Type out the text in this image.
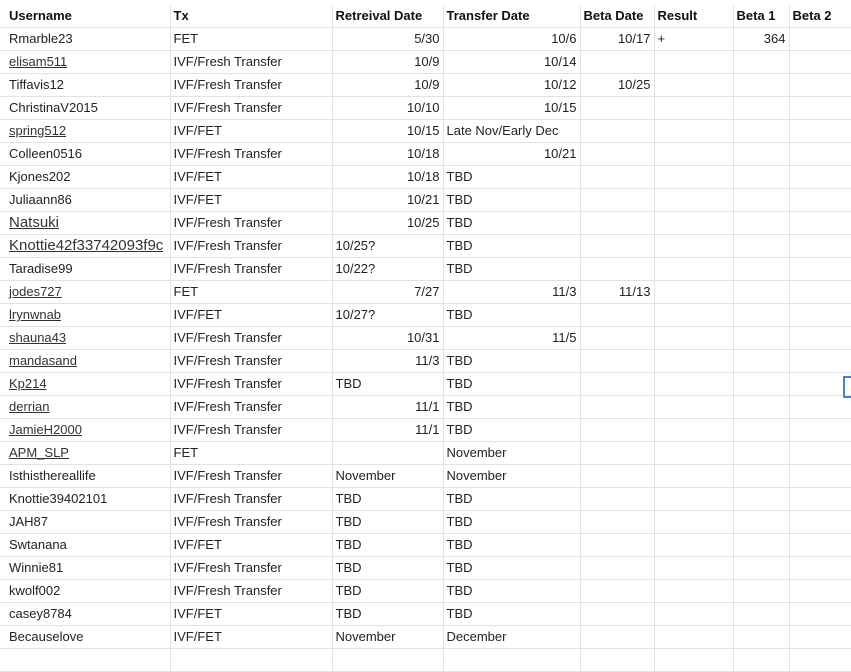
Username	Tx	Retreival Date	Transfer Date	Beta Date	Result	Beta 1	Beta 2
Rmarble23	FET	5/30	10/6	10/17	+	364	
elisam511	IVF/Fresh Transfer	10/9	10/14				
Tiffavis12	IVF/Fresh Transfer	10/9	10/12	10/25			
ChristinaV2015	IVF/Fresh Transfer	10/10	10/15				
spring512	IVF/FET	10/15	Late Nov/Early Dec				
Colleen0516	IVF/Fresh Transfer	10/18	10/21				
Kjones202	IVF/FET	10/18	TBD				
Juliaann86	IVF/FET	10/21	TBD				
Natsuki	IVF/Fresh Transfer	10/25	TBD				
Knottie42f33742093f9c	IVF/Fresh Transfer	10/25?	TBD				
Taradise99	IVF/Fresh Transfer	10/22?	TBD				
jodes727	FET	7/27	11/3	11/13			
lrynwnab	IVF/FET	10/27?	TBD				
shauna43	IVF/Fresh Transfer	10/31	11/5				
mandasand	IVF/Fresh Transfer	11/3	TBD				
Kp214	IVF/Fresh Transfer	TBD	TBD				
derrian	IVF/Fresh Transfer	11/1	TBD				
JamieH2000	IVF/Fresh Transfer	11/1	TBD				
APM_SLP	FET		November				
Isthisthereallife	IVF/Fresh Transfer	November	November				
Knottie39402101	IVF/Fresh Transfer	TBD	TBD				
JAH87	IVF/Fresh Transfer	TBD	TBD				
Swtanana	IVF/FET	TBD	TBD				
Winnie81	IVF/Fresh Transfer	TBD	TBD				
kwolf002	IVF/Fresh Transfer	TBD	TBD				
casey8784	IVF/FET	TBD	TBD				
Becauselove	IVF/FET	November	December				
